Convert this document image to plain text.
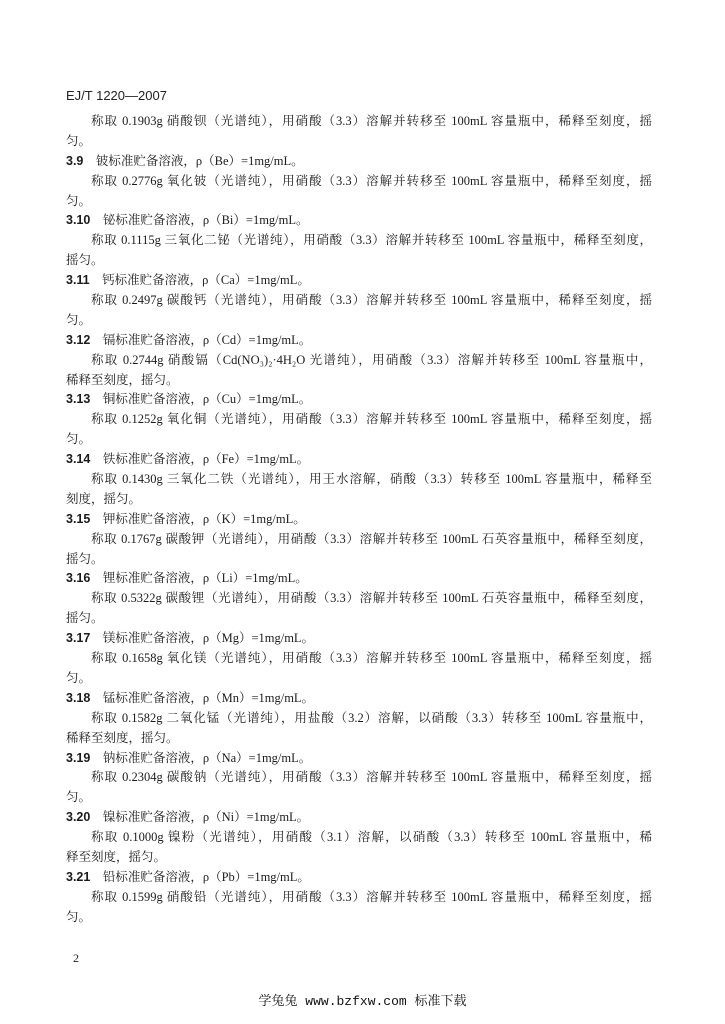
EJ/T 1220—2007
称取 0.1903g 硝酸钡（光谱纯），用硝酸（3.3）溶解并转移至 100mL 容量瓶中，稀释至刻度，摇
匀。
3.9 铍标准贮备溶液，ρ（Be）=1mg/mL。
称取 0.2776g 氧化铍（光谱纯），用硝酸（3.3）溶解并转移至 100mL 容量瓶中，稀释至刻度，摇
匀。
3.10 铋标准贮备溶液，ρ（Bi）=1mg/mL。
称取 0.1115g 三氧化二铋（光谱纯），用硝酸（3.3）溶解并转移至 100mL 容量瓶中，稀释至刻度，
摇匀。
3.11 钙标准贮备溶液，ρ（Ca）=1mg/mL。
称取 0.2497g 碳酸钙（光谱纯），用硝酸（3.3）溶解并转移至 100mL 容量瓶中，稀释至刻度，摇
匀。
3.12 镉标准贮备溶液，ρ（Cd）=1mg/mL。
称取 0.2744g 硝酸镉（Cd(NO₃)₂·4H₂O 光谱纯），用硝酸（3.3）溶解并转移至 100mL 容量瓶中，
稀释至刻度，摇匀。
3.13 铜标准贮备溶液，ρ（Cu）=1mg/mL。
称取 0.1252g 氧化铜（光谱纯），用硝酸（3.3）溶解并转移至 100mL 容量瓶中，稀释至刻度，摇
匀。
3.14 铁标准贮备溶液，ρ（Fe）=1mg/mL。
称取 0.1430g 三氧化二铁（光谱纯），用王水溶解，硝酸（3.3）转移至 100mL 容量瓶中，稀释至
刻度，摇匀。
3.15 钾标准贮备溶液，ρ（K）=1mg/mL。
称取 0.1767g 碳酸钾（光谱纯），用硝酸（3.3）溶解并转移至 100mL 石英容量瓶中，稀释至刻度，
摇匀。
3.16 锂标准贮备溶液，ρ（Li）=1mg/mL。
称取 0.5322g 碳酸锂（光谱纯），用硝酸（3.3）溶解并转移至 100mL 石英容量瓶中，稀释至刻度，
摇匀。
3.17 镁标准贮备溶液，ρ（Mg）=1mg/mL。
称取 0.1658g 氧化镁（光谱纯），用硝酸（3.3）溶解并转移至 100mL 容量瓶中，稀释至刻度，摇
匀。
3.18 锰标准贮备溶液，ρ（Mn）=1mg/mL。
称取 0.1582g 二氧化锰（光谱纯），用盐酸（3.2）溶解，以硝酸（3.3）转移至 100mL 容量瓶中，
稀释至刻度，摇匀。
3.19 钠标准贮备溶液，ρ（Na）=1mg/mL。
称取 0.2304g 碳酸钠（光谱纯），用硝酸（3.3）溶解并转移至 100mL 容量瓶中，稀释至刻度，摇
匀。
3.20 镍标准贮备溶液，ρ（Ni）=1mg/mL。
称取 0.1000g 镍粉（光谱纯），用硝酸（3.1）溶解，以硝酸（3.3）转移至 100mL 容量瓶中，稀
释至刻度，摇匀。
3.21 铅标准贮备溶液，ρ（Pb）=1mg/mL。
称取 0.1599g 硝酸铅（光谱纯），用硝酸（3.3）溶解并转移至 100mL 容量瓶中，稀释至刻度，摇
匀。
2
学兔兔 www.bzfxw.com 标准下载
